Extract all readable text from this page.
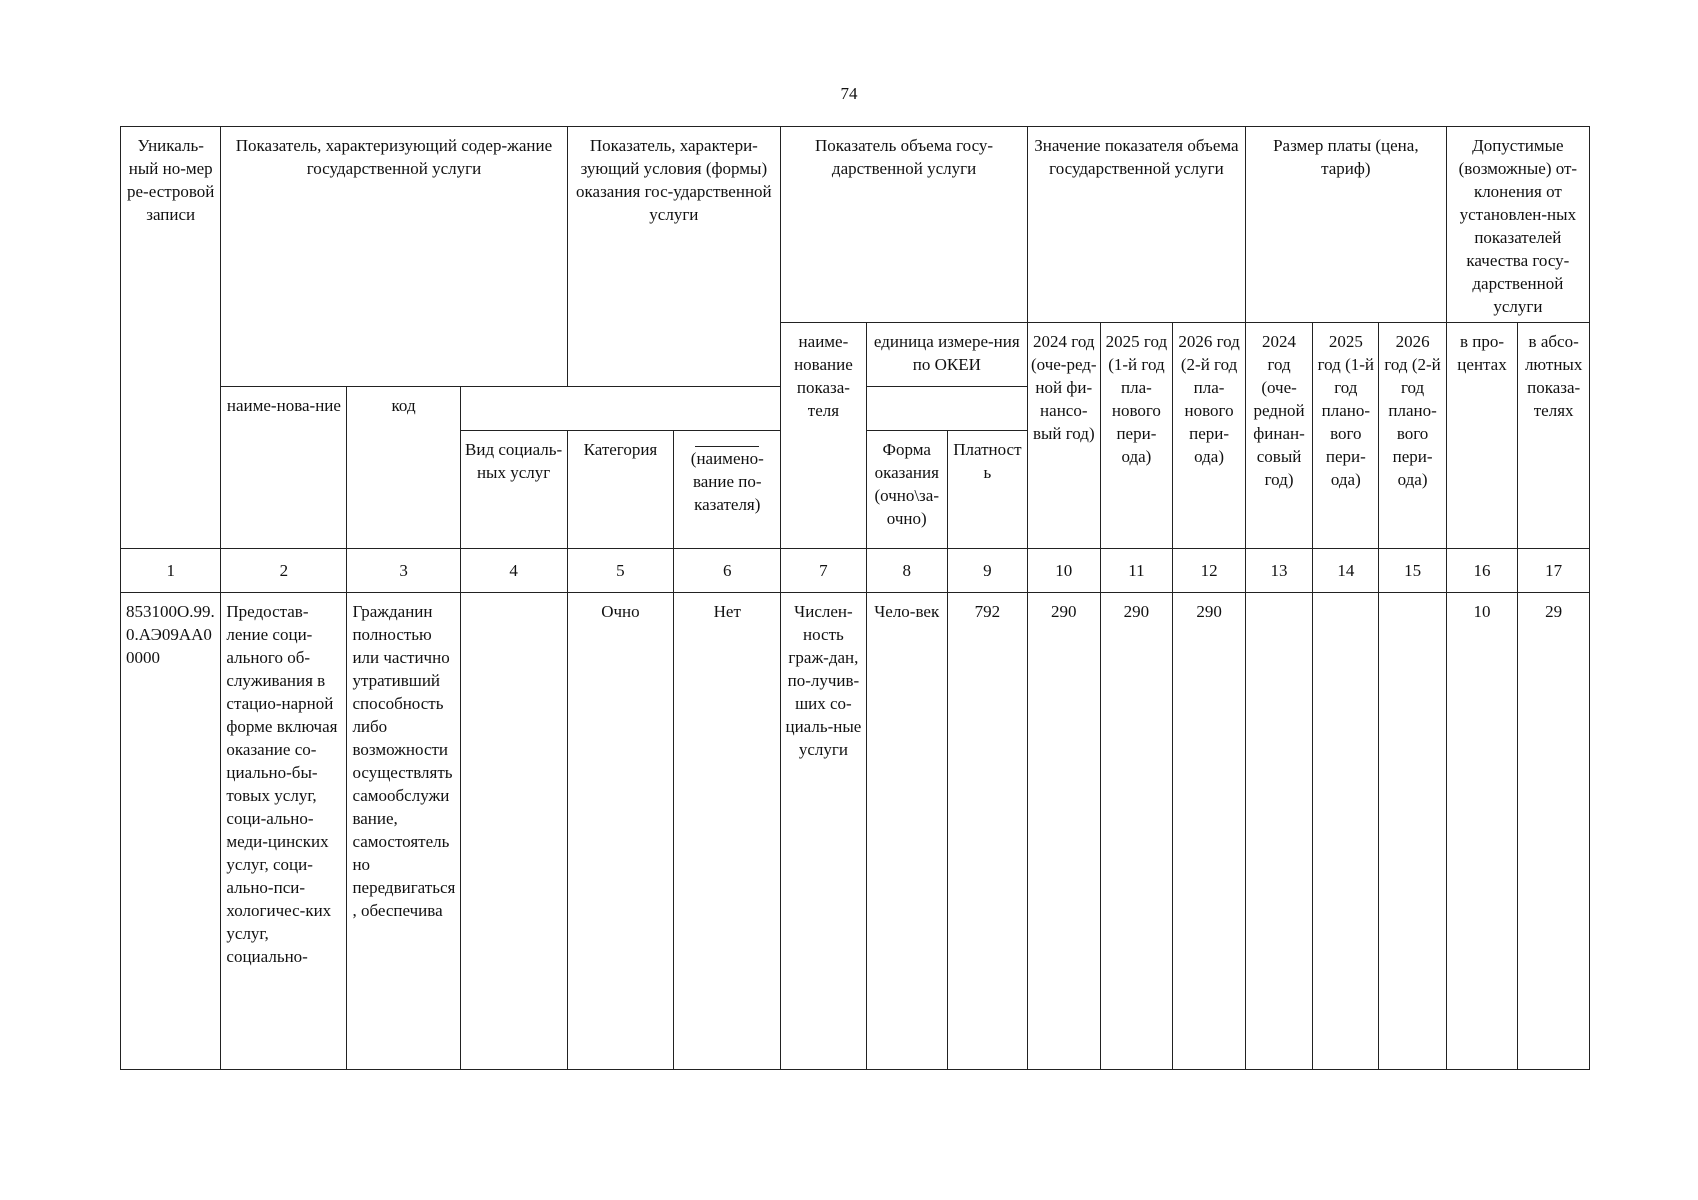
74
Уникаль-ный но-мер ре-естровой записи	Показатель, характеризующий содер-жание государственной услуги			Показатель, характери-зующий условия (формы) оказания гос-ударственной услуги		Показатель объема госу-дарственной услуги			Значение показателя объема государственной услуги			Размер платы (цена, тариф)			Допустимые (возможные) от-клонения от установлен-ных показателей качества госу-дарственной услуги	
						наиме-нование показа-теля	единица измере-ния по ОКЕИ		2024 год (оче-ред-ной фи-нансо-вый год)	2025 год (1-й год пла-нового пери-ода)	2026 год (2-й год пла-нового пери-ода)	2024 год (оче-редной финан-совый год)	2025 год (1-й год плано-вого пери-ода)	2026 год (2-й год плано-вого пери-ода)	в про-центах	в абсо-лютных показа-телях
	наиме-нова-ние	код														
			Вид социаль-ных услуг	Категория	(наимено-вание по-казателя)		Форма оказания (очно\за-очно)	Платность								
1	2	3	4	5	6	7	8	9	10	11	12	13	14	15	16	17
853100О.99.0.АЭ09АА00000	Предостав-ление соци-ального об-служивания в стацио-нарной форме включая оказание со-циально-бы-товых услуг, соци-ально-меди-цинских услуг, соци-ально-пси-хологичес-ких услуг, социально-	Гражданин полностью или частично утративший способность либо возможности осуществлять самообслуживание, самостоятельно передвигаться, обеспечива		Очно	Нет	Числен-ность граж-дан, по-лучив-ших со-циаль-ные услуги	Чело-век	792	290	290	290				10	29
